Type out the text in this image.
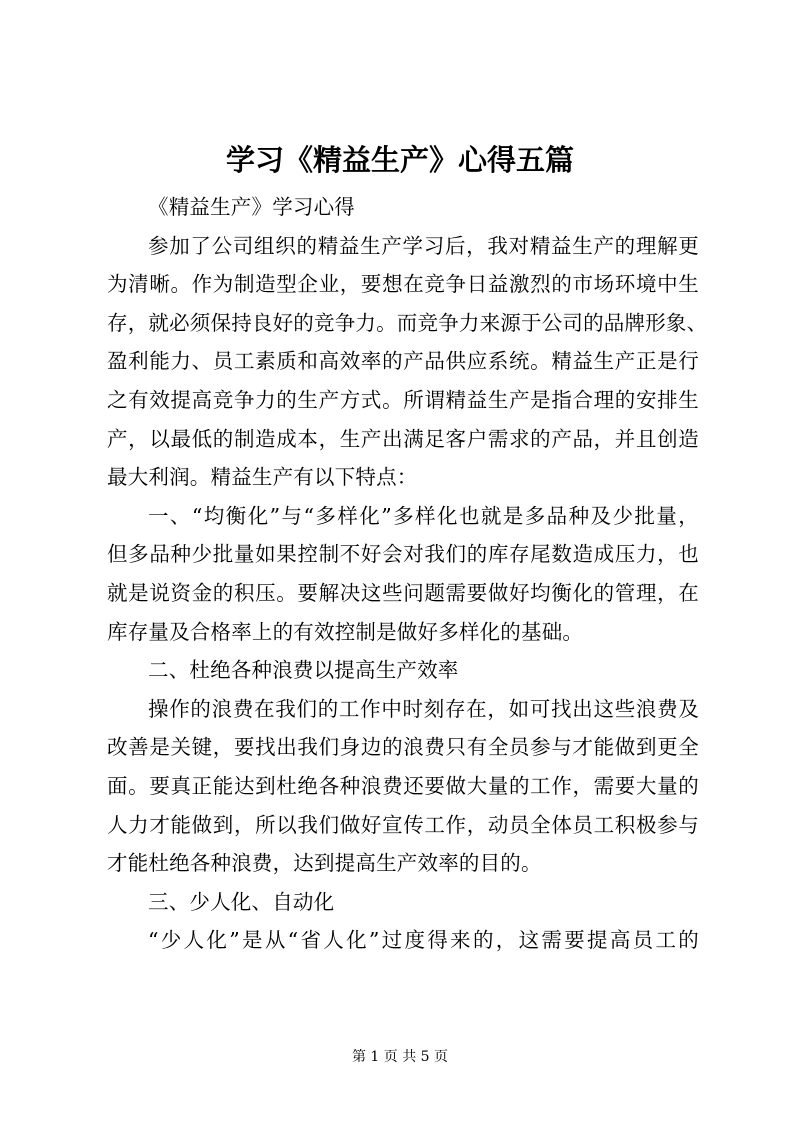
学习《精益生产》心得五篇
《精益生产》学习心得
参加了公司组织的精益生产学习后，我对精益生产的理解更
为清晰。作为制造型企业，要想在竞争日益激烈的市场环境中生
存，就必须保持良好的竞争力。而竞争力来源于公司的品牌形象、
盈利能力、员工素质和高效率的产品供应系统。精益生产正是行
之有效提高竞争力的生产方式。所谓精益生产是指合理的安排生
产，以最低的制造成本，生产出满足客户需求的产品，并且创造
最大利润。精益生产有以下特点：
一、“均衡化”与“多样化”多样化也就是多品种及少批量，
但多品种少批量如果控制不好会对我们的库存尾数造成压力，也
就是说资金的积压。要解决这些问题需要做好均衡化的管理，在
库存量及合格率上的有效控制是做好多样化的基础。
二、杜绝各种浪费以提高生产效率
操作的浪费在我们的工作中时刻存在，如可找出这些浪费及
改善是关键，要找出我们身边的浪费只有全员参与才能做到更全
面。要真正能达到杜绝各种浪费还要做大量的工作，需要大量的
人力才能做到，所以我们做好宣传工作，动员全体员工积极参与
才能杜绝各种浪费，达到提高生产效率的目的。
三、少人化、自动化
“少人化”是从“省人化”过度得来的，这需要提高员工的
第 1 页 共 5 页
